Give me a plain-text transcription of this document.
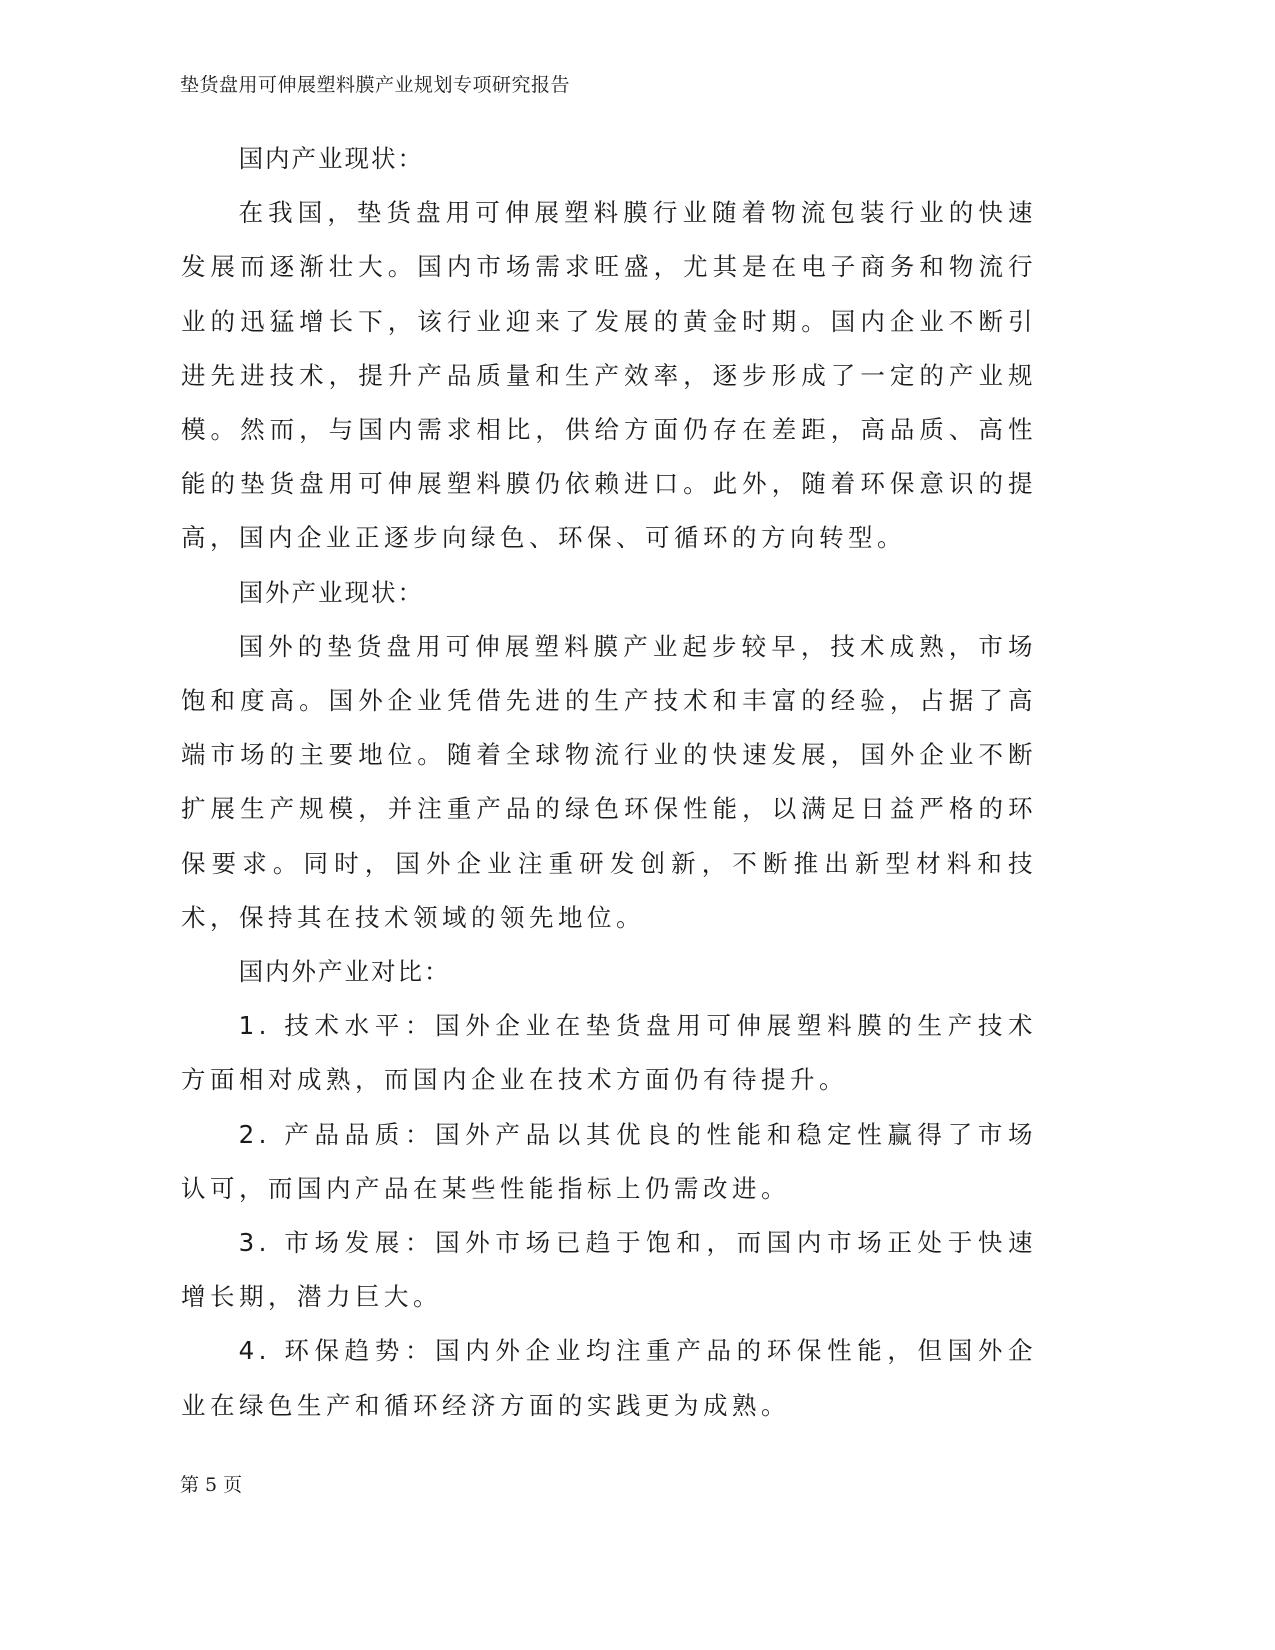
垫货盘用可伸展塑料膜产业规划专项研究报告

国内产业现状：

在我国，垫货盘用可伸展塑料膜行业随着物流包装行业的快速发展而逐渐壮大。国内市场需求旺盛，尤其是在电子商务和物流行业的迅猛增长下，该行业迎来了发展的黄金时期。国内企业不断引进先进技术，提升产品质量和生产效率，逐步形成了一定的产业规模。然而，与国内需求相比，供给方面仍存在差距，高品质、高性能的垫货盘用可伸展塑料膜仍依赖进口。此外，随着环保意识的提高，国内企业正逐步向绿色、环保、可循环的方向转型。

国外产业现状：

国外的垫货盘用可伸展塑料膜产业起步较早，技术成熟，市场饱和度高。国外企业凭借先进的生产技术和丰富的经验，占据了高端市场的主要地位。随着全球物流行业的快速发展，国外企业不断扩展生产规模，并注重产品的绿色环保性能，以满足日益严格的环保要求。同时，国外企业注重研发创新，不断推出新型材料和技术，保持其在技术领域的领先地位。

国内外产业对比：

1. 技术水平：国外企业在垫货盘用可伸展塑料膜的生产技术方面相对成熟，而国内企业在技术方面仍有待提升。

2. 产品品质：国外产品以其优良的性能和稳定性赢得了市场认可，而国内产品在某些性能指标上仍需改进。

3. 市场发展：国外市场已趋于饱和，而国内市场正处于快速增长期，潜力巨大。

4. 环保趋势：国内外企业均注重产品的环保性能，但国外企业在绿色生产和循环经济方面的实践更为成熟。

第 5 页
